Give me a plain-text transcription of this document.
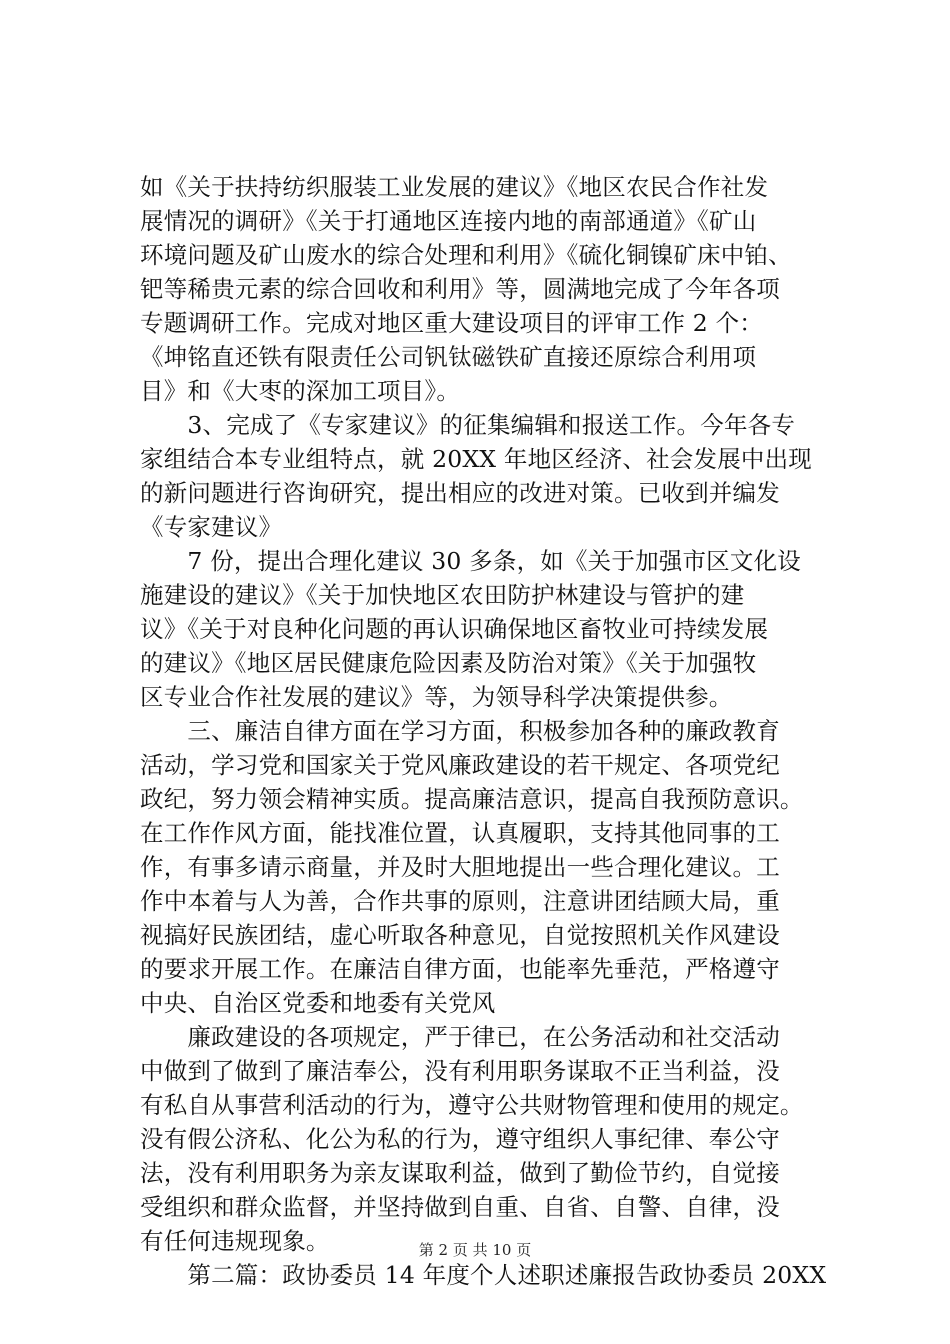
如《关于扶持纺织服装工业发展的建议》《地区农民合作社发
展情况的调研》《关于打通地区连接内地的南部通道》《矿山
环境问题及矿山废水的综合处理和利用》《硫化铜镍矿床中铂、
钯等稀贵元素的综合回收和利用》等，圆满地完成了今年各项
专题调研工作。完成对地区重大建设项目的评审工作 2 个：
《坤铭直还铁有限责任公司钒钛磁铁矿直接还原综合利用项
目》和《大枣的深加工项目》。
　　3、完成了《专家建议》的征集编辑和报送工作。今年各专
家组结合本专业组特点，就 20XX 年地区经济、社会发展中出现
的新问题进行咨询研究，提出相应的改进对策。已收到并编发
《专家建议》
　　7 份，提出合理化建议 30 多条，如《关于加强市区文化设
施建设的建议》《关于加快地区农田防护林建设与管护的建
议》《关于对良种化问题的再认识确保地区畜牧业可持续发展
的建议》《地区居民健康危险因素及防治对策》《关于加强牧
区专业合作社发展的建议》等，为领导科学决策提供参。
　　三、廉洁自律方面在学习方面，积极参加各种的廉政教育
活动，学习党和国家关于党风廉政建设的若干规定、各项党纪
政纪，努力领会精神实质。提高廉洁意识，提高自我预防意识。
在工作作风方面，能找准位置，认真履职，支持其他同事的工
作，有事多请示商量，并及时大胆地提出一些合理化建议。工
作中本着与人为善，合作共事的原则，注意讲团结顾大局，重
视搞好民族团结，虚心听取各种意见，自觉按照机关作风建设
的要求开展工作。在廉洁自律方面，也能率先垂范，严格遵守
中央、自治区党委和地委有关党风
　　廉政建设的各项规定，严于律已，在公务活动和社交活动
中做到了做到了廉洁奉公，没有利用职务谋取不正当利益，没
有私自从事营利活动的行为，遵守公共财物管理和使用的规定。
没有假公济私、化公为私的行为，遵守组织人事纪律、奉公守
法，没有利用职务为亲友谋取利益，做到了勤俭节约，自觉接
受组织和群众监督，并坚持做到自重、自省、自警、自律，没
有任何违规现象。
　　第二篇：政协委员 14 年度个人述职述廉报告政协委员 20XX
第 2 页 共 10 页
